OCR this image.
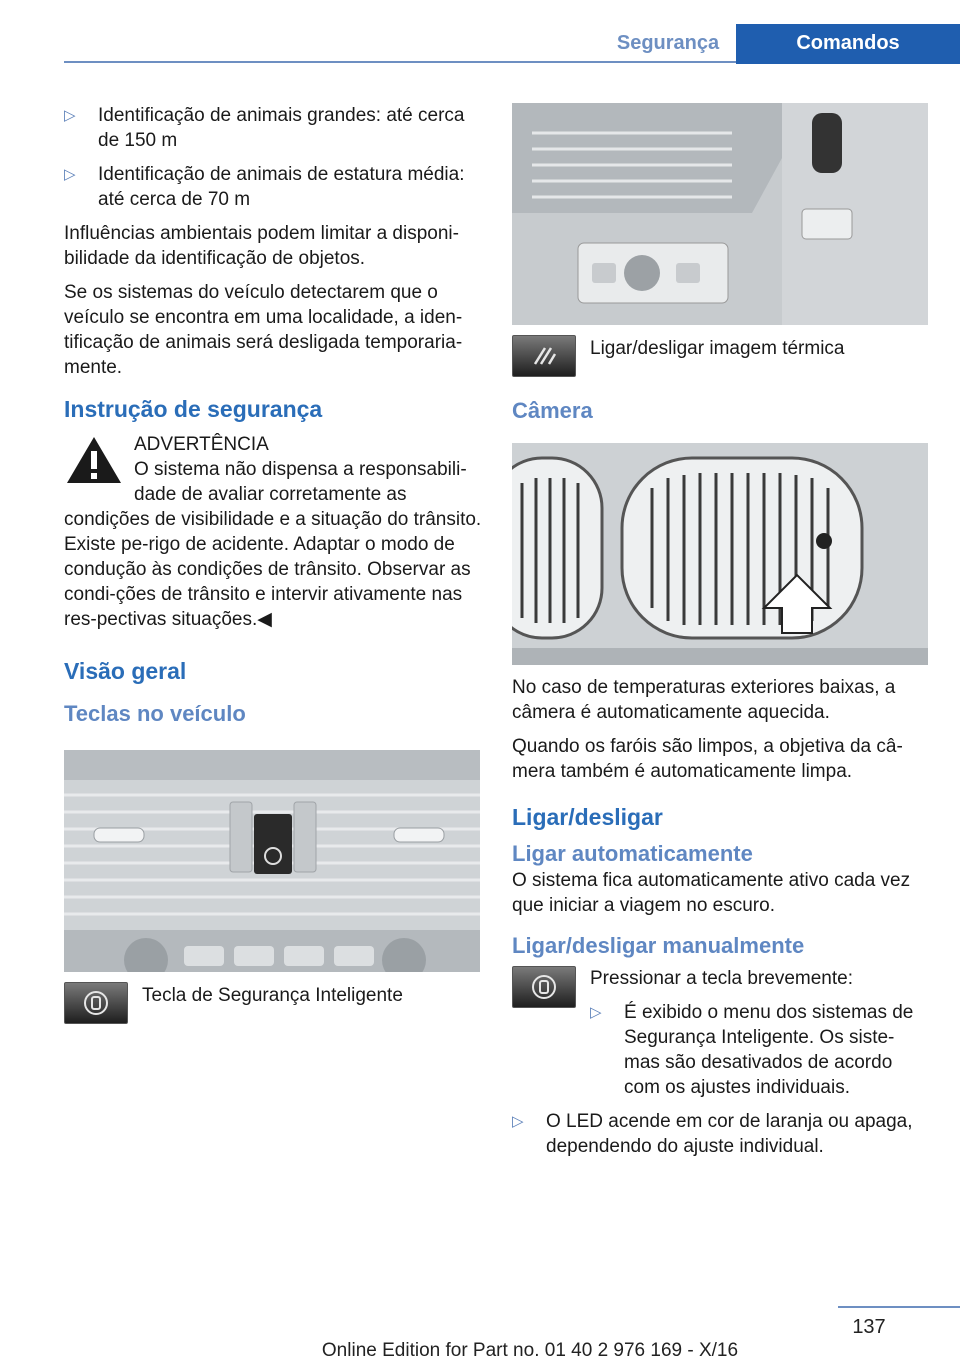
Segurança	Comandos
▷	Identificação de animais grandes: até cerca de 150 m
▷	Identificação de animais de estatura média: até cerca de 70 m

Influências ambientais podem limitar a disponi-bilidade da identificação de objetos.

Se os sistemas do veículo detectarem que o veículo se encontra em uma localidade, a iden-tificação de animais será desligada temporaria-mente.

Instrução de segurança
ADVERTÊNCIA
O sistema não dispensa a responsabili-dade de avaliar corretamente as condições de visibilidade e a situação do trânsito. Existe pe-rigo de acidente. Adaptar o modo de condução às condições de trânsito. Observar as condi-ções de trânsito e intervir ativamente nas res-pectivas situações.◀
Visão geral
Teclas no veículo
Tecla de Segurança Inteligente
Ligar/desligar imagem térmica
Câmera

No caso de temperaturas exteriores baixas, a câmera é automaticamente aquecida.

Quando os faróis são limpos, a objetiva da câ-mera também é automaticamente limpa.

Ligar/desligar
Ligar automaticamente

O sistema fica automaticamente ativo cada vez que iniciar a viagem no escuro.

Ligar/desligar manualmente

Pressionar a tecla brevemente:

▷	É exibido o menu dos sistemas de Segurança Inteligente. Os siste-mas são desativados de acordo com os ajustes individuais.
▷	O LED acende em cor de laranja ou apaga, dependendo do ajuste individual.
137
Online Edition for Part no. 01 40 2 976 169 - X/16
